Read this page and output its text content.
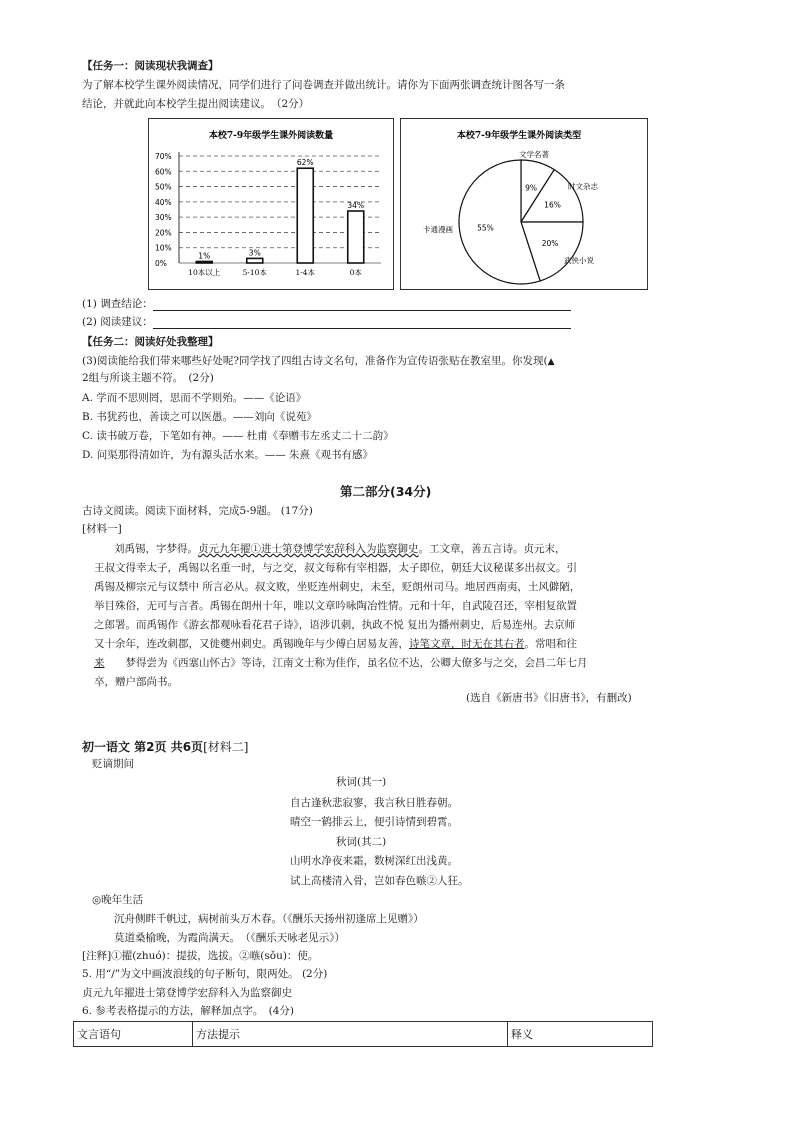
【任务一：阅读现状我调查】
为了解本校学生课外阅读情况，同学们进行了问卷调查并做出统计。请你为下面两张调查统计图各写一条
结论，并就此向本校学生提出阅读建议。　（2分）
本校7-9年级学生课外阅读数量
0%
10%
20%
30%
40%
50%
60%
70%
1%
10本以上
3%
5-10本
62%
1-4本
34%
0本
本校7-9年级学生课外阅读类型
9%
文学名著
16%
时文杂志
20%
武侠小说
55%
卡通漫画
(1) 调查结论：
(2) 阅读建议：
【任务二：阅读好处我整理】
(3)阅读能给我们带来哪些好处呢?同学找了四组古诗文名句，准备作为宣传语张贴在教室里。你发现(▲
2组与所谈主题不符。　(2分)
A. 学而不思则罔，思而不学则殆。——《论语》
B. 书犹药也，善读之可以医愚。——刘向《说苑》
C. 读书破万卷，下笔如有神。—— 杜甫《奉赠韦左丞丈二十二韵》
D. 问渠那得清如许，为有源头活水来。—— 朱熹《观书有感》
第二部分(34分)
古诗文阅读。阅读下面材料，完成5-9题。 (17分)
[材料一]
刘禹锡，字梦得。贞元九年擢①进士第登博学宏辞科入为监察御史。工文章，善五言诗。贞元末，
王叔文得幸太子，禹锡以名重一时，与之交，叔文每称有宰相器，太子即位，朝廷大议秘谋多出叔文。引
禹锡及柳宗元与议禁中 所言必从。叔文败，坐贬连州刺史，未至，贬朗州司马。地居西南夷，土风僻陋，
举目殊俗，无可与言者。禹锡在朗州十年，唯以文章吟咏陶冶性情。元和十年，自武陵召还，宰相复欲置
之郎署。而禹锡作《游玄都观咏看花君子诗》，语涉讥刺，执政不悦 复出为播州刺史，后易连州。去京师
又十余年，连改刺郡，又徙夔州刺史。禹锡晚年与少傅白居易友善，诗笔文章，时无在其右者。常唱和往
来　　梦得尝为《西塞山怀古》等诗，江南文士称为佳作，虽名位不达，公卿大僚多与之交，会昌二年七月
卒，赠户部尚书。
(选自《新唐书》《旧唐书》，有删改)
初一语文 第2页 共6页[材料二]
贬谪期间
秋词(其一)
自古逢秋悲寂寥，我言秋日胜春朝。
晴空一鹤排云上，便引诗情到碧霄。
秋词(其二)
山明水净夜来霜，数树深红出浅黄。
试上高楼清入骨，岂如春色嗾②人狂。
◎晚年生活
沉舟侧畔千帆过，病树前头万木春。（《酬乐天扬州初逢席上见赠》）
莫道桑榆晚，为霞尚满天。　（《酬乐天咏老见示》）
[注释]①擢(zhuó)：提拔，选拔。②嗾(sǒu)：使。
5. 用“/”为文中画波浪线的句子断句，限两处。 (2分)
贞元九年擢进士第登博学宏辞科入为监察御史
6. 参考表格提示的方法，解释加点字。　(4分)
文言语句	方法提示	释义
